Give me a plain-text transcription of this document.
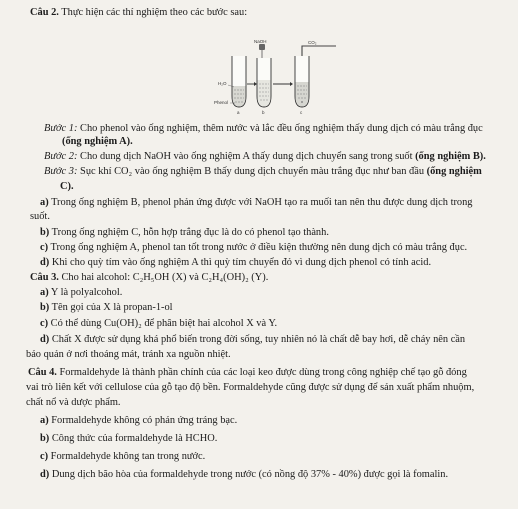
Câu 2. Thực hiện các thí nghiệm theo các bước sau:
NaOH	CO₂
H₂O
Phenol
a	b	c
Bước 1: Cho phenol vào ống nghiệm, thêm nước và lắc đều ống nghiệm thấy dung dịch có màu trắng đục
(ống nghiệm A).
Bước 2: Cho dung dịch NaOH vào ống nghiệm A thấy dung dịch chuyển sang trong suốt (ống nghiệm B).
Bước 3: Sục khí CO₂ vào ống nghiệm B thấy dung dịch chuyển màu trắng đục như ban đầu (ống nghiệm
C).
a) Trong ống nghiệm B, phenol phản ứng được với NaOH tạo ra muối tan nên thu được dung dịch trong
suốt.
b) Trong ống nghiệm C, hỗn hợp trắng đục là do có phenol tạo thành.
c) Trong ống nghiệm A, phenol tan tốt trong nước ở điều kiện thường nên dung dịch có màu trắng đục.
d) Khi cho quỳ tím vào ống nghiệm A thì quỳ tím chuyển đỏ vì dung dịch phenol có tính acid.
Câu 3. Cho hai alcohol: C₂H₅OH (X) và C₂H₄(OH)₂ (Y).
a) Y là polyalcohol.
b) Tên gọi của X là propan-1-ol
c) Có thể dùng Cu(OH)₂ để phân biệt hai alcohol X và Y.
d) Chất X được sử dụng khá phổ biến trong đời sống, tuy nhiên nó là chất dễ bay hơi, dễ cháy nên cần
bảo quản ở nơi thoáng mát, tránh xa nguồn nhiệt.
Câu 4. Formaldehyde là thành phần chính của các loại keo được dùng trong công nghiệp chế tạo gỗ đóng
vai trò liên kết với cellulose của gỗ tạo độ bền. Formaldehyde cũng được sử dụng để sản xuất phẩm nhuộm,
chất nổ và dược phẩm.
a) Formaldehyde không có phản ứng tráng bạc.
b) Công thức của formaldehyde là HCHO.
c) Formaldehyde không tan trong nước.
d) Dung dịch bão hòa của formaldehyde trong nước (có nồng độ 37% - 40%) được gọi là fomalin.
